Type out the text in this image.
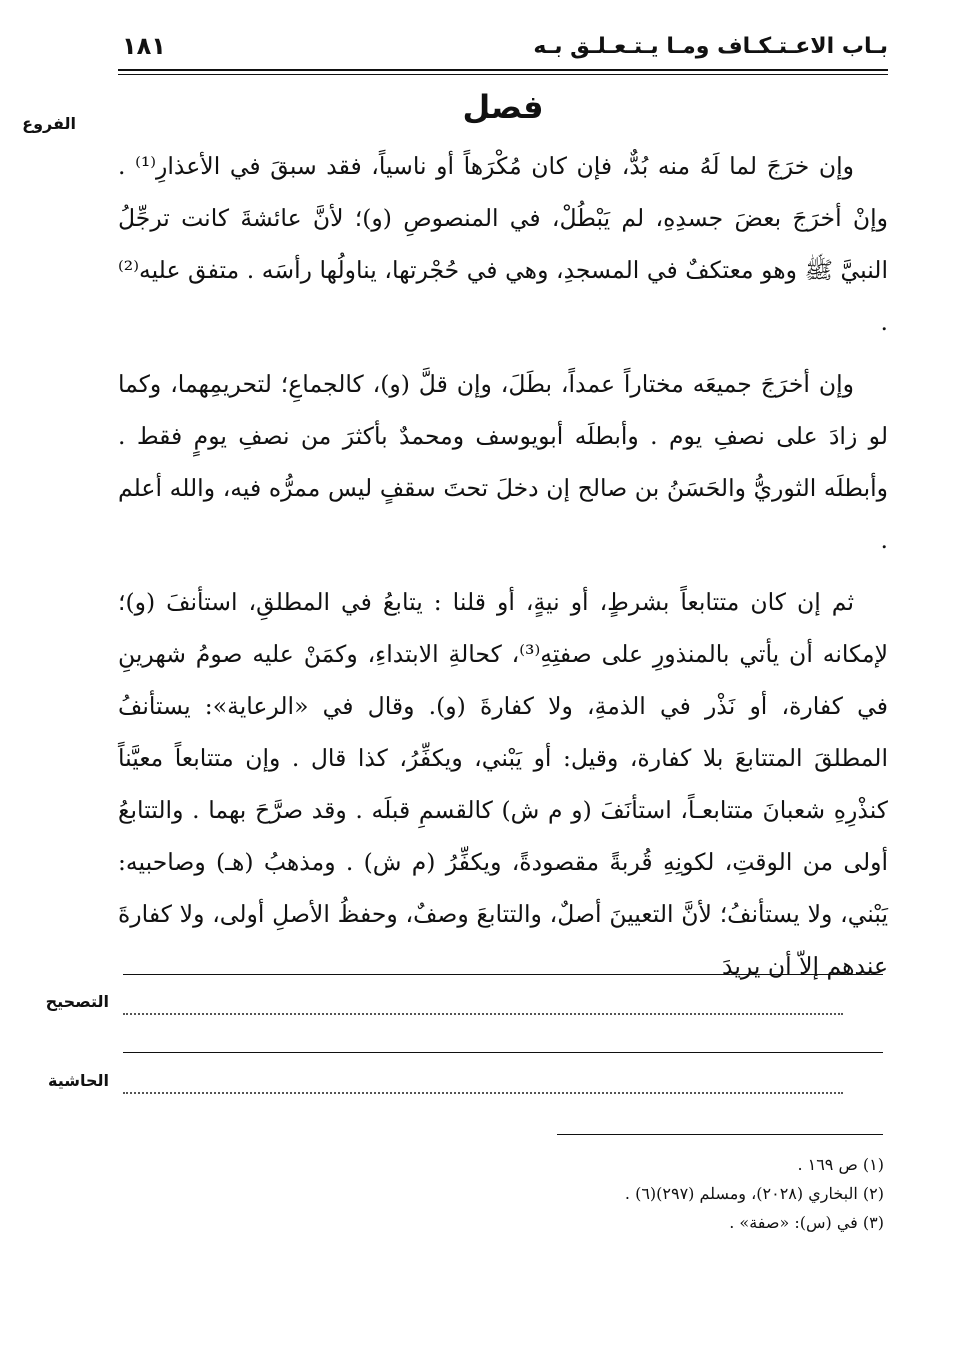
بـاب الاعـتـكـاف ومـا يـتـعـلـق بـه
١٨١
الفروع	فصل

وإن خرَجَ لما لَهُ منه بُدٌّ، فإن كان مُكْرَهاً أو ناسياً، فقد سبقَ في الأعذارِ⁽¹⁾ . وإنْ أخرَجَ بعضَ جسدِهِ، لم يَبْطُلْ، في المنصوصِ (و)؛ لأنَّ عائشةَ كانت ترجِّلُ النبيَّ ﷺ وهو معتكفٌ في المسجدِ، وهي في حُجْرتها، يناولُها رأسَه . متفق عليه⁽²⁾ .

وإن أخرَجَ جميعَه مختاراً عمداً، بطَلَ، وإن قلَّ (و)، كالجماعِ؛ لتحريمِهما، وكما لو زادَ على نصفِ يوم . وأبطلَه أبويوسف ومحمدٌ بأكثرَ من نصفِ يومٍ فقط . وأبطلَه الثوريُّ والحَسَنُ بن صالح إن دخلَ تحتَ سقفٍ ليس ممرُّه فيه، والله أعلم .

ثم إن كان متتابعاً بشرطٍ، أو نيةٍ، أو قلنا : يتابعُ في المطلقِ، استأنفَ (و)؛ لإمكانه أن يأتي بالمنذورِ على صفتِهِ⁽³⁾، كحالةِ الابتداءِ، وكمَنْ عليه صومُ شهرينِ في كفارة، أو نَذْر في الذمةِ، ولا كفارةَ (و). وقال في «الرعاية»: يستأنفُ المطلقَ المتتابعَ بلا كفارة، وقيل: أو يَبْني، ويكفِّرُ، كذا قال . وإن متتابعاً معيَّناً كنذْرِهِ شعبانَ متتابعـاً، استأنَفَ (و م ش) كالقسمِ قبلَه . وقد صرَّحَ بهما . والتتابعُ أولى من الوقتِ، لكونِهِ قُربةً مقصودةً، ويكفِّرُ (م ش) . ومذهبُ (هـ) وصاحبيه: يَبْني، ولا يستأنفُ؛ لأنَّ التعيينَ أصلٌ، والتتابعَ وصفٌ، وحفظُ الأصلِ أولى، ولا كفارةَ عندهم إلاّ أن يريدَ

التصحيح
الحاشية
(١) ص ١٦٩ .
(٢) البخاري (٢٠٢٨)، ومسلم (٢٩٧)(٦) .
(٣) في (س): «صفة» .
